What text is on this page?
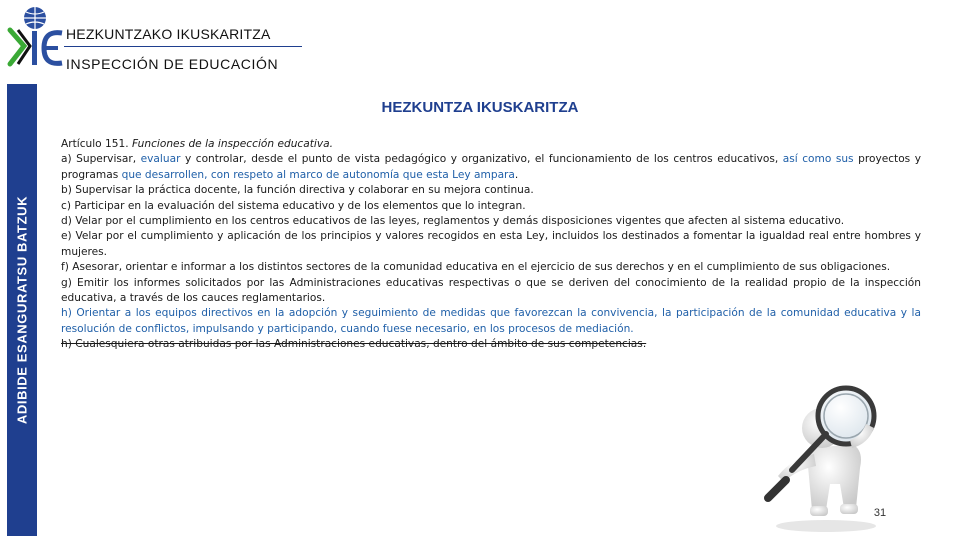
HEZKUNTZAKO IKUSKARITZA
INSPECCIÓN DE EDUCACIÓN
ADIBIDE ESANGURATSU BATZUK
HEZKUNTZA IKUSKARITZA

Artículo 151. Funciones de la inspección educativa.

a) Supervisar, evaluar y controlar, desde el punto de vista pedagógico y organizativo, el funcionamiento de los centros educativos, así como sus proyectos y programas que desarrollen, con respeto al marco de autonomía que esta Ley ampara.

b) Supervisar la práctica docente, la función directiva y colaborar en su mejora continua.

c) Participar en la evaluación del sistema educativo y de los elementos que lo integran.

d) Velar por el cumplimiento en los centros educativos de las leyes, reglamentos y demás disposiciones vigentes que afecten al sistema educativo.

e) Velar por el cumplimiento y aplicación de los principios y valores recogidos en esta Ley, incluidos los destinados a fomentar la igualdad real entre hombres y mujeres.

f) Asesorar, orientar e informar a los distintos sectores de la comunidad educativa en el ejercicio de sus derechos y en el cumplimiento de sus obligaciones.

g) Emitir los informes solicitados por las Administraciones educativas respectivas o que se deriven del conocimiento de la realidad propio de la inspección educativa, a través de los cauces reglamentarios.

h) Orientar a los equipos directivos en la adopción y seguimiento de medidas que favorezcan la convivencia, la participación de la comunidad educativa y la resolución de conflictos, impulsando y participando, cuando fuese necesario, en los procesos de mediación.

h) Cualesquiera otras atribuidas por las Administraciones educativas, dentro del ámbito de sus competencias.

31
